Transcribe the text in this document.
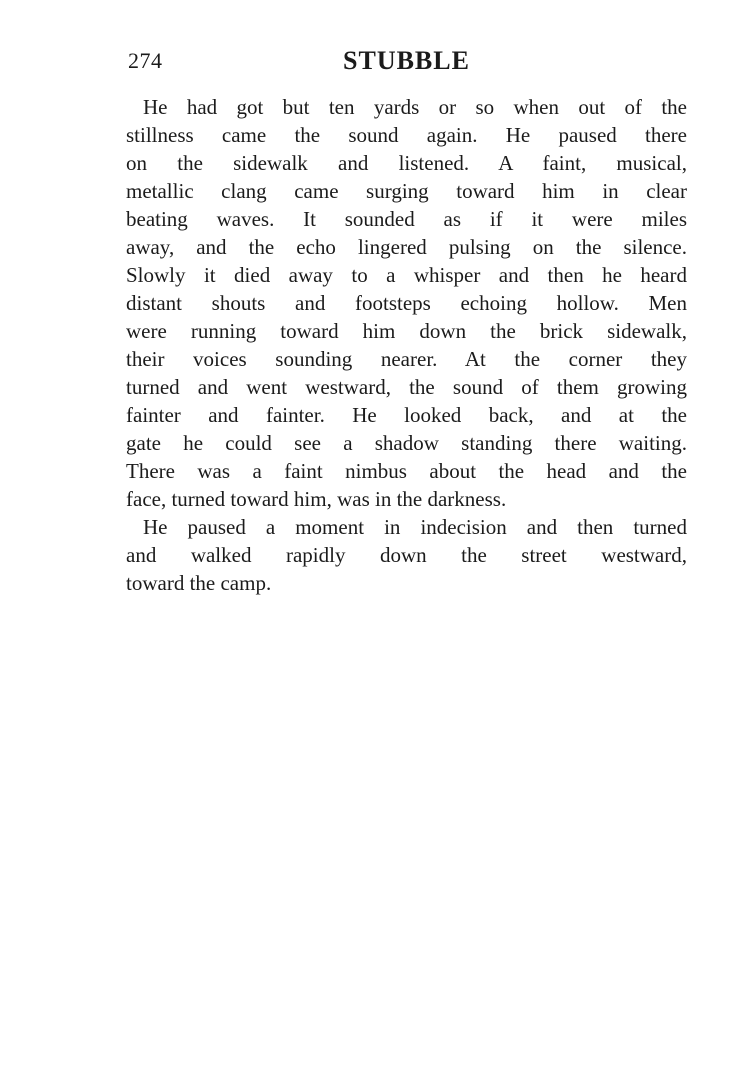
274	STUBBLE
He had got but ten yards or so when out of the
stillness came the sound again. He paused there
on the sidewalk and listened. A faint, musical,
metallic clang came surging toward him in clear
beating waves. It sounded as if it were miles
away, and the echo lingered pulsing on the silence.
Slowly it died away to a whisper and then he heard
distant shouts and footsteps echoing hollow. Men
were running toward him down the brick sidewalk,
their voices sounding nearer. At the corner they
turned and went westward, the sound of them growing
fainter and fainter. He looked back, and at the
gate he could see a shadow standing there waiting.
There was a faint nimbus about the head and the
face, turned toward him, was in the darkness.
He paused a moment in indecision and then turned
and walked rapidly down the street westward,
toward the camp.
